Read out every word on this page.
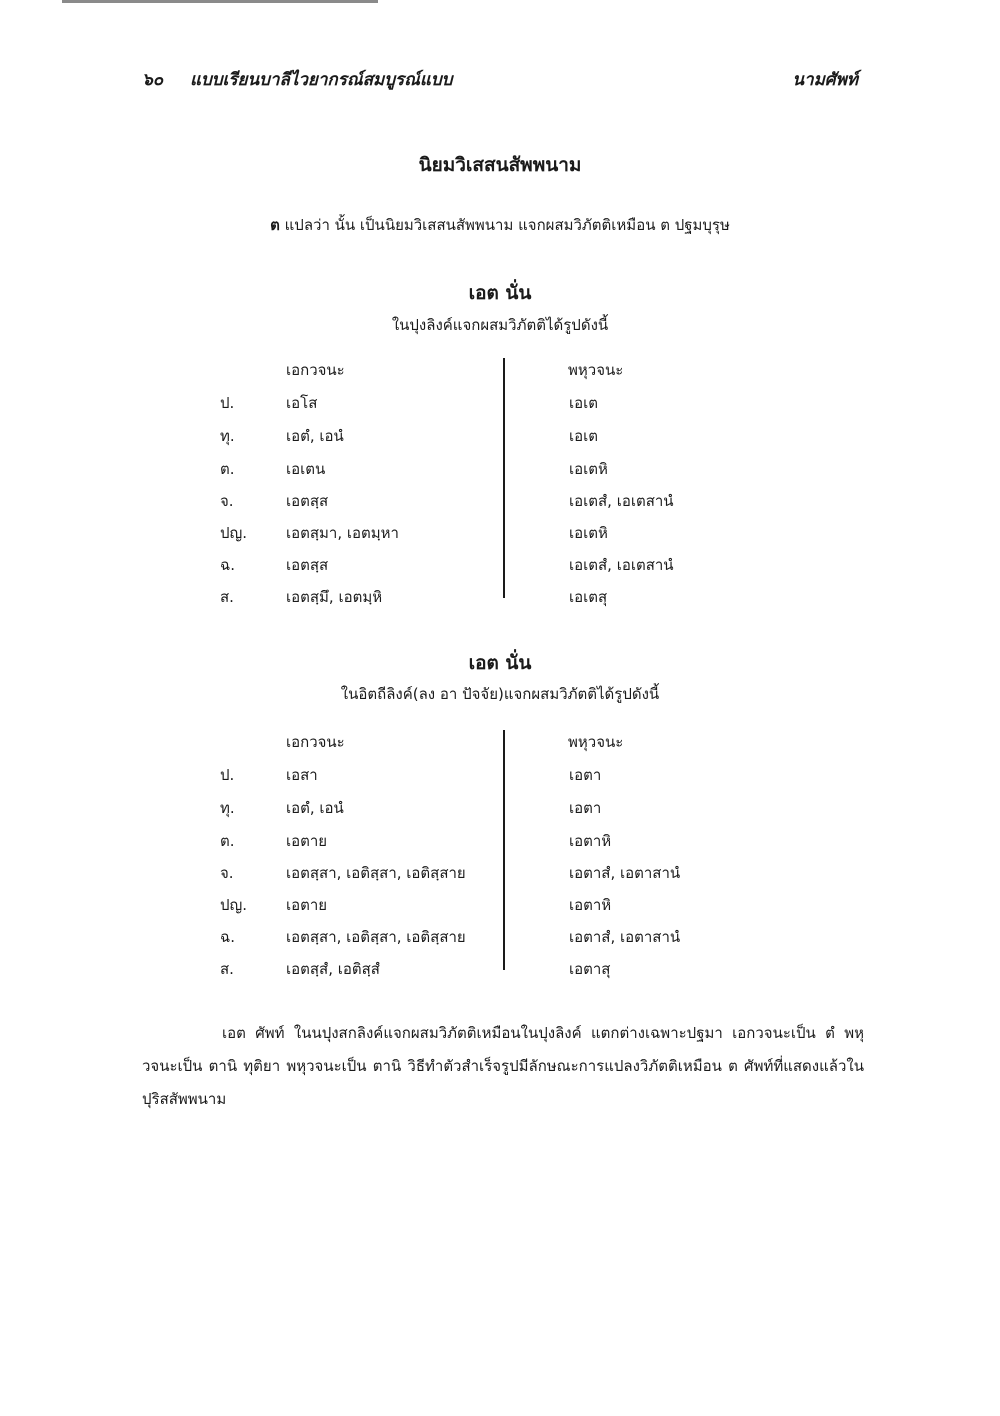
๖๐ แบบเรียนบาลีไวยากรณ์สมบูรณ์แบบ	นามศัพท์
นิยมวิเสสนสัพพนาม
ต แปลว่า นั้น เป็นนิยมวิเสสนสัพพนาม แจกผสมวิภัตติเหมือน ต ปฐมบุรุษ
เอต นั่น
ในปุงลิงค์แจกผสมวิภัตติได้รูปดังนี้
เอกวจนะ	พหุวจนะ
ป.	เอโส	เอเต
ทุ.	เอตํ, เอนํ	เอเต
ต.	เอเตน	เอเตหิ
จ.	เอตสฺส	เอเตสํ, เอเตสานํ
ปญ.	เอตสฺมา, เอตมฺหา	เอเตหิ
ฉ.	เอตสฺส	เอเตสํ, เอเตสานํ
ส.	เอตสฺมึ, เอตมฺหิ	เอเตสุ
เอต นั่น
ในอิตถีลิงค์(ลง อา ปัจจัย)แจกผสมวิภัตติได้รูปดังนี้
เอกวจนะ	พหุวจนะ
ป.	เอสา	เอตา
ทุ.	เอตํ, เอนํ	เอตา
ต.	เอตาย	เอตาหิ
จ.	เอตสฺสา, เอติสฺสา, เอติสฺสาย	เอตาสํ, เอตาสานํ
ปญ.	เอตาย	เอตาหิ
ฉ.	เอตสฺสา, เอติสฺสา, เอติสฺสาย	เอตาสํ, เอตาสานํ
ส.	เอตสฺสํ, เอติสฺสํ	เอตาสุ

เอต ศัพท์ ในนปุงสกลิงค์แจกผสมวิภัตติเหมือนในปุงลิงค์ แตกต่างเฉพาะปฐมา เอกวจนะเป็น ตํ พหุวจนะเป็น ตานิ ทุติยา พหุวจนะเป็น ตานิ วิธีทำตัวสำเร็จรูปมีลักษณะการแปลงวิภัตติเหมือน ต ศัพท์ที่แสดงแล้วใน ปุริสสัพพนาม
